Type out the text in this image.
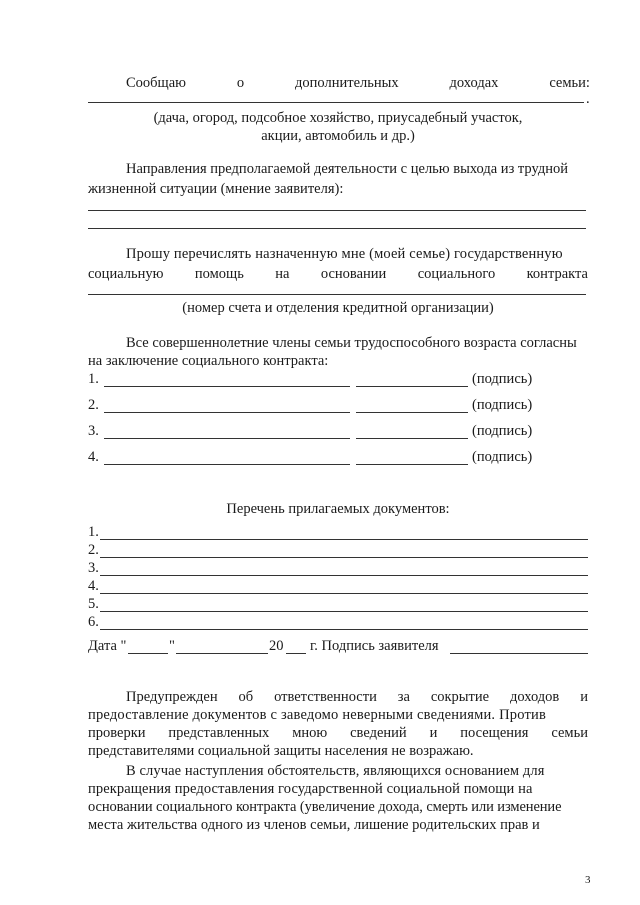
Сообщаю	о	дополнительных	доходах	семьи:
.
(дача, огород, подсобное хозяйство, приусадебный участок,
акции, автомобиль и др.)
Направления предполагаемой деятельности с целью выхода из трудной
жизненной ситуации (мнение заявителя):
Прошу перечислять назначенную мне (моей семье) государственную
социальную помощь на основании социального контракта
(номер счета и отделения кредитной организации)
Все совершеннолетние члены семьи трудоспособного возраста согласны
на заключение социального контракта:
1.	(подпись)
2.	(подпись)
3.	(подпись)
4.	(подпись)
Перечень прилагаемых документов:
1.
2.
3.
4.
5.
6.
Дата "	"	20 г. Подпись заявителя
Предупрежден об ответственности за сокрытие доходов и
предоставление документов с заведомо неверными сведениями. Против
проверки представленных мною сведений и посещения семьи
представителями социальной защиты населения не возражаю.
В случае наступления обстоятельств, являющихся основанием для
прекращения предоставления государственной социальной помощи на
основании социального контракта (увеличение дохода, смерть или изменение
места жительства одного из членов семьи, лишение родительских прав и
3
